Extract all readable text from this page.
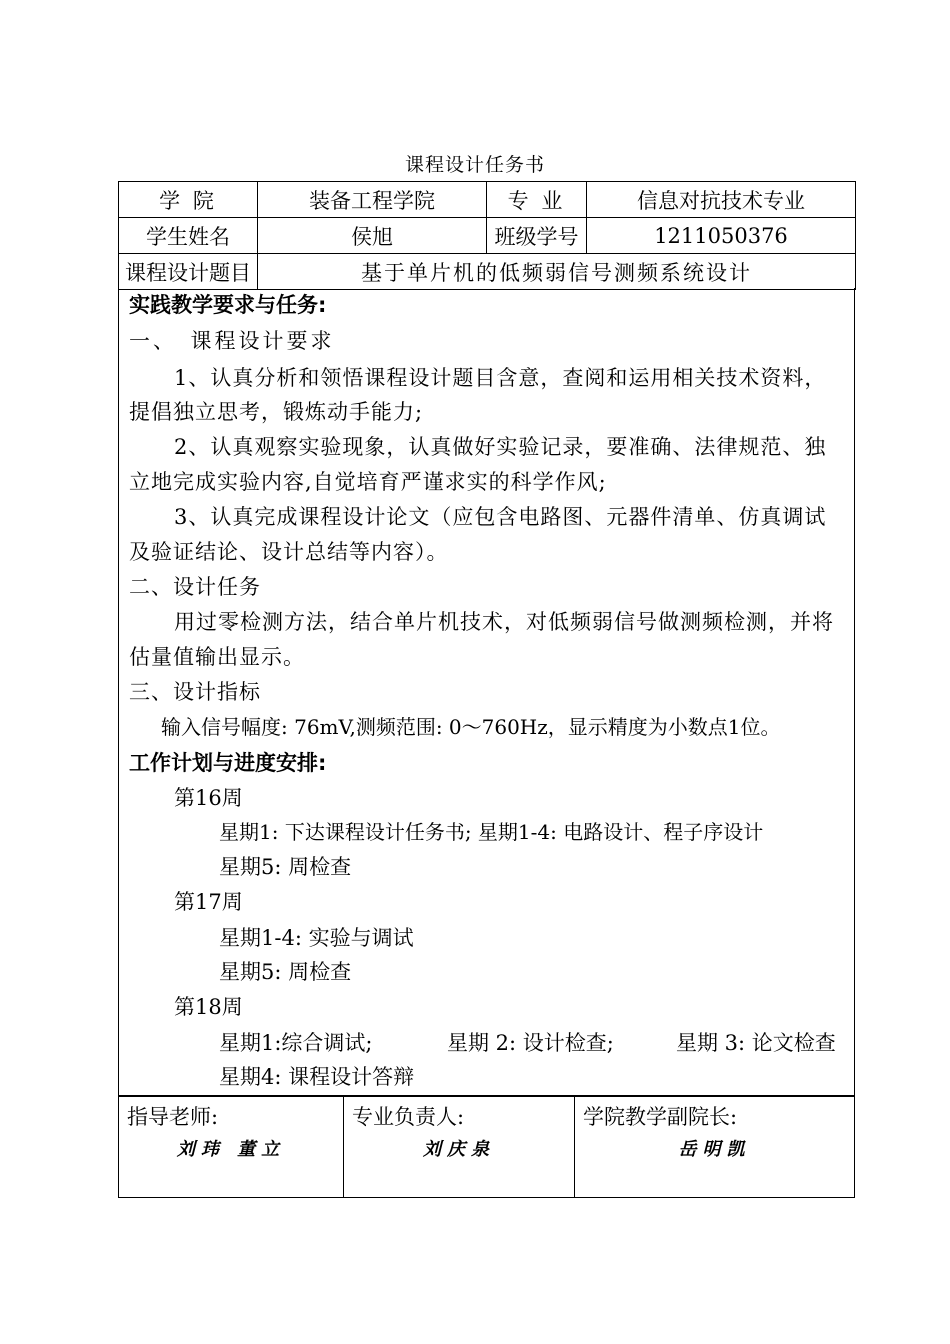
课程设计任务书
学 院	装备工程学院	专 业	信息对抗技术专业
学生姓名	侯旭	班级学号	1211050376
课程设计题目	基于单片机的低频弱信号测频系统设计		
实践教学要求与任务:
一、　课程设计要求
1、认真分析和领悟课程设计题目含意，查阅和运用相关技术资料，
提倡独立思考，锻炼动手能力;
2、认真观察实验现象，认真做好实验记录，要准确、法律规范、独
立地完成实验内容,自觉培育严谨求实的科学作风;
3、认真完成课程设计论文（应包含电路图、元器件清单、仿真调试
及验证结论、设计总结等内容）。
二、设计任务
用过零检测方法，结合单片机技术，对低频弱信号做测频检测，并将
估量值输出显示。
三、设计指标
输入信号幅度: 76mV,测频范围: 0～760Hz，显示精度为小数点1位。
工作计划与进度安排:
第16周
星期1: 下达课程设计任务书; 星期1-4: 电路设计、程子序设计
星期5: 周检查
第17周
星期1-4: 实验与调试
星期5: 周检查
第18周
星期1:综合调试;	星期 2: 设计检查;	星期 3: 论文检查
星期4: 课程设计答辩
指导老师:
刘玮 董立
专业负责人:
刘庆泉
学院教学副院长:
岳明凯
